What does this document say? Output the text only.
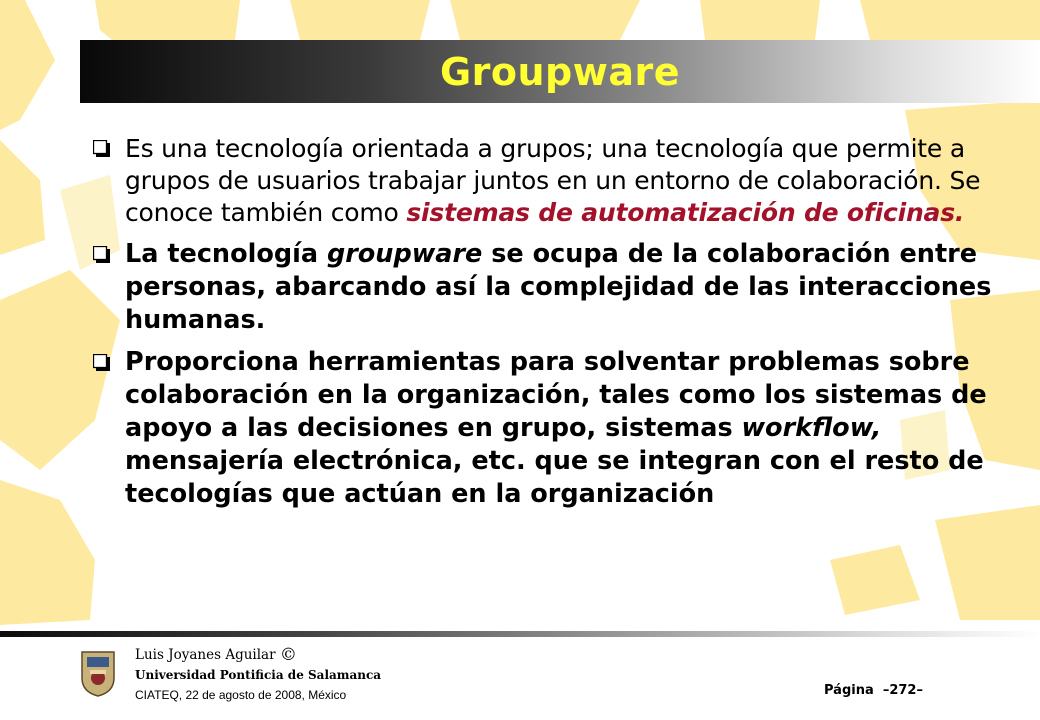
Groupware
Es una tecnología orientada a grupos; una tecnología que permite a grupos de usuarios trabajar juntos en un entorno de colaboración. Se conoce también como sistemas de automatización de oficinas.
La tecnología groupware se ocupa de la colaboración entre personas, abarcando así la complejidad de las interacciones humanas.
Proporciona herramientas para solventar problemas sobre colaboración en la organización, tales como los sistemas de apoyo a las decisiones en grupo, sistemas workflow, mensajería electrónica, etc. que se integran con el resto de tecologías que actúan en la organización
Luis Joyanes Aguilar ©
Universidad Pontificia de Salamanca
CIATEQ, 22 de agosto de 2008, México	Página –272–
